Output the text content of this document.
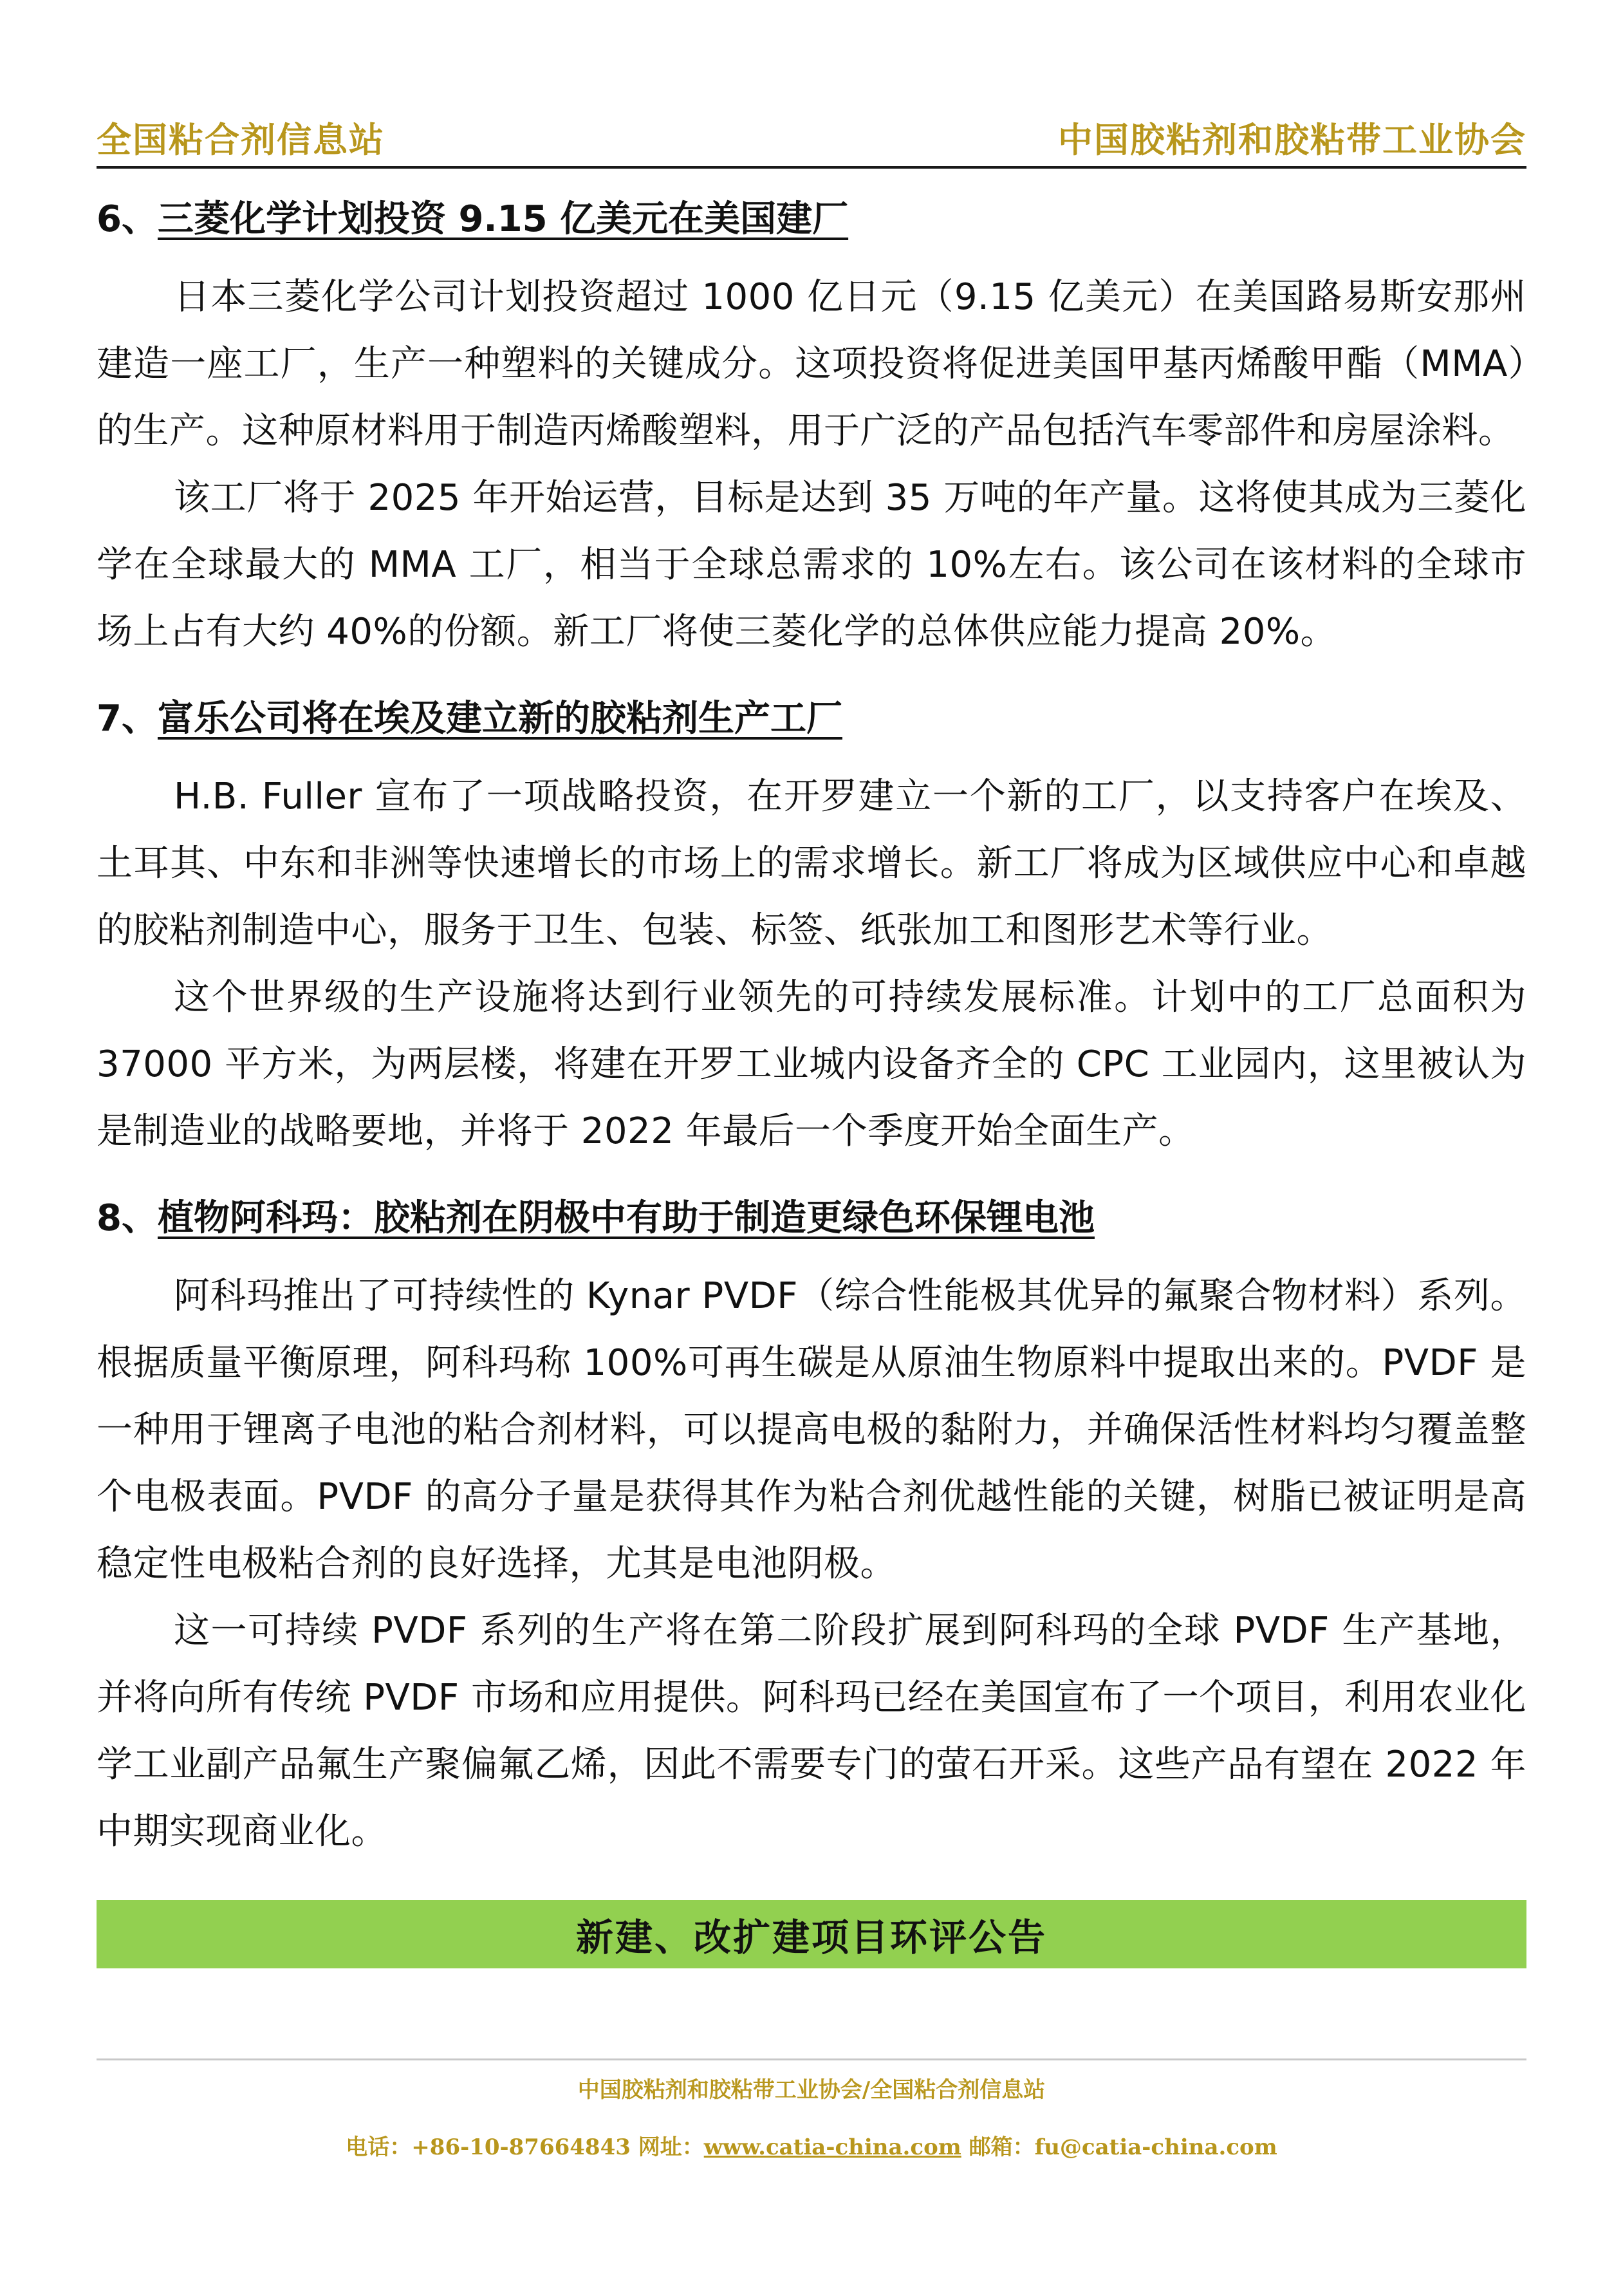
全国粘合剂信息站	中国胶粘剂和胶粘带工业协会
6、三菱化学计划投资 9.15 亿美元在美国建厂

日本三菱化学公司计划投资超过 1000 亿日元（9.15 亿美元）在美国路易斯安那州建造一座工厂，生产一种塑料的关键成分。这项投资将促进美国甲基丙烯酸甲酯（MMA）的生产。这种原材料用于制造丙烯酸塑料，用于广泛的产品包括汽车零部件和房屋涂料。

该工厂将于 2025 年开始运营，目标是达到 35 万吨的年产量。这将使其成为三菱化学在全球最大的 MMA 工厂，相当于全球总需求的 10%左右。该公司在该材料的全球市场上占有大约 40%的份额。新工厂将使三菱化学的总体供应能力提高 20%。

7、富乐公司将在埃及建立新的胶粘剂生产工厂

H.B. Fuller 宣布了一项战略投资，在开罗建立一个新的工厂，以支持客户在埃及、土耳其、中东和非洲等快速增长的市场上的需求增长。新工厂将成为区域供应中心和卓越的胶粘剂制造中心，服务于卫生、包装、标签、纸张加工和图形艺术等行业。

这个世界级的生产设施将达到行业领先的可持续发展标准。计划中的工厂总面积为 37000 平方米，为两层楼，将建在开罗工业城内设备齐全的 CPC 工业园内，这里被认为是制造业的战略要地，并将于 2022 年最后一个季度开始全面生产。

8、植物阿科玛：胶粘剂在阴极中有助于制造更绿色环保锂电池

阿科玛推出了可持续性的 Kynar PVDF（综合性能极其优异的氟聚合物材料）系列。根据质量平衡原理，阿科玛称 100%可再生碳是从原油生物原料中提取出来的。PVDF 是一种用于锂离子电池的粘合剂材料，可以提高电极的黏附力，并确保活性材料均匀覆盖整个电极表面。PVDF 的高分子量是获得其作为粘合剂优越性能的关键，树脂已被证明是高稳定性电极粘合剂的良好选择，尤其是电池阴极。

这一可持续 PVDF 系列的生产将在第二阶段扩展到阿科玛的全球 PVDF 生产基地，并将向所有传统 PVDF 市场和应用提供。阿科玛已经在美国宣布了一个项目，利用农业化学工业副产品氟生产聚偏氟乙烯，因此不需要专门的萤石开采。这些产品有望在 2022 年中期实现商业化。

新建、改扩建项目环评公告
中国胶粘剂和胶粘带工业协会/全国粘合剂信息站
电话：+86-10-87664843 网址：www.catia-china.com 邮箱：fu@catia-china.com
